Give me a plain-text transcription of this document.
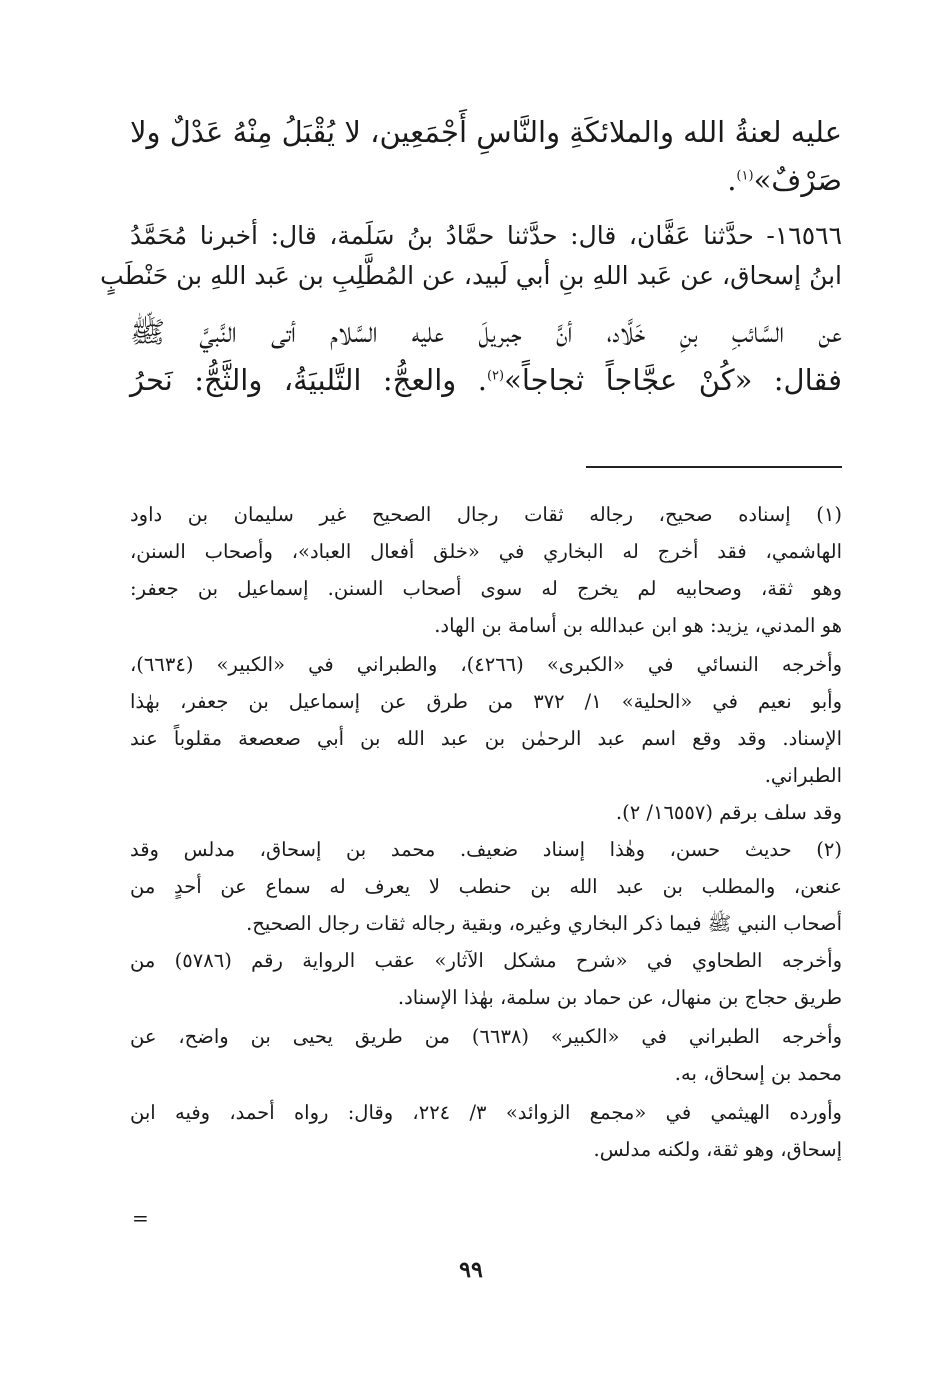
عليه لعنةُ الله والملائكَةِ والنَّاسِ أَجْمَعِين، لا يُقْبَلُ مِنْهُ عَدْلٌ ولا
صَرْفٌ»$^{(١)}$.
١٦٥٦٦- حدَّثنا عَفَّان، قال: حدَّثنا حمَّادُ بنُ سَلَمة، قال: أخبرنا مُحَمَّدُ
ابنُ إسحاق، عن عَبد اللهِ بنِ أبي لَبيد، عن المُطَّلِبِ بن عَبد اللهِ بن حَنْطَبٍ
عن السَّائبِ بنِ خَلَّاد، أنَّ جبريلَ عليه السَّلام أتى النَّبيَّ ﷺ
فقال: «كُنْ عجَّاجاً ثجاجاً»$^{(٢)}$. والعجُّ: التَّلبيَةُ، والثَّجُّ: نَحرُ
(١) إسناده صحيح، رجاله ثقات رجال الصحيح غير سليمان بن داود
الهاشمي، فقد أخرج له البخاري في «خلق أفعال العباد»، وأصحاب السنن،
وهو ثقة، وصحابيه لم يخرج له سوى أصحاب السنن. إسماعيل بن جعفر:
هو المدني، يزيد: هو ابن عبدالله بن أسامة بن الهاد.
وأخرجه النسائي في «الكبرى» (٤٢٦٦)، والطبراني في «الكبير» (٦٦٣٤)،
وأبو نعيم في «الحلية» ١/ ٣٧٢ من طرق عن إسماعيل بن جعفر، بهٰذا
الإسناد. وقد وقع اسم عبد الرحمٰن بن عبد الله بن أبي صعصعة مقلوباً عند
الطبراني.
وقد سلف برقم (١٦٥٥٧/ ٢).
(٢) حديث حسن، وهٰذا إسناد ضعيف. محمد بن إسحاق، مدلس وقد
عنعن، والمطلب بن عبد الله بن حنطب لا يعرف له سماع عن أحدٍ من
أصحاب النبي ﷺ فيما ذكر البخاري وغيره، وبقية رجاله ثقات رجال الصحيح.
وأخرجه الطحاوي في «شرح مشكل الآثار» عقب الرواية رقم (٥٧٨٦) من
طريق حجاج بن منهال، عن حماد بن سلمة، بهٰذا الإسناد.
وأخرجه الطبراني في «الكبير» (٦٦٣٨) من طريق يحيى بن واضح، عن
محمد بن إسحاق، به.
وأورده الهيثمي في «مجمع الزوائد» ٣/ ٢٢٤، وقال: رواه أحمد، وفيه ابن
إسحاق، وهو ثقة، ولكنه مدلس.
=
٩٩
